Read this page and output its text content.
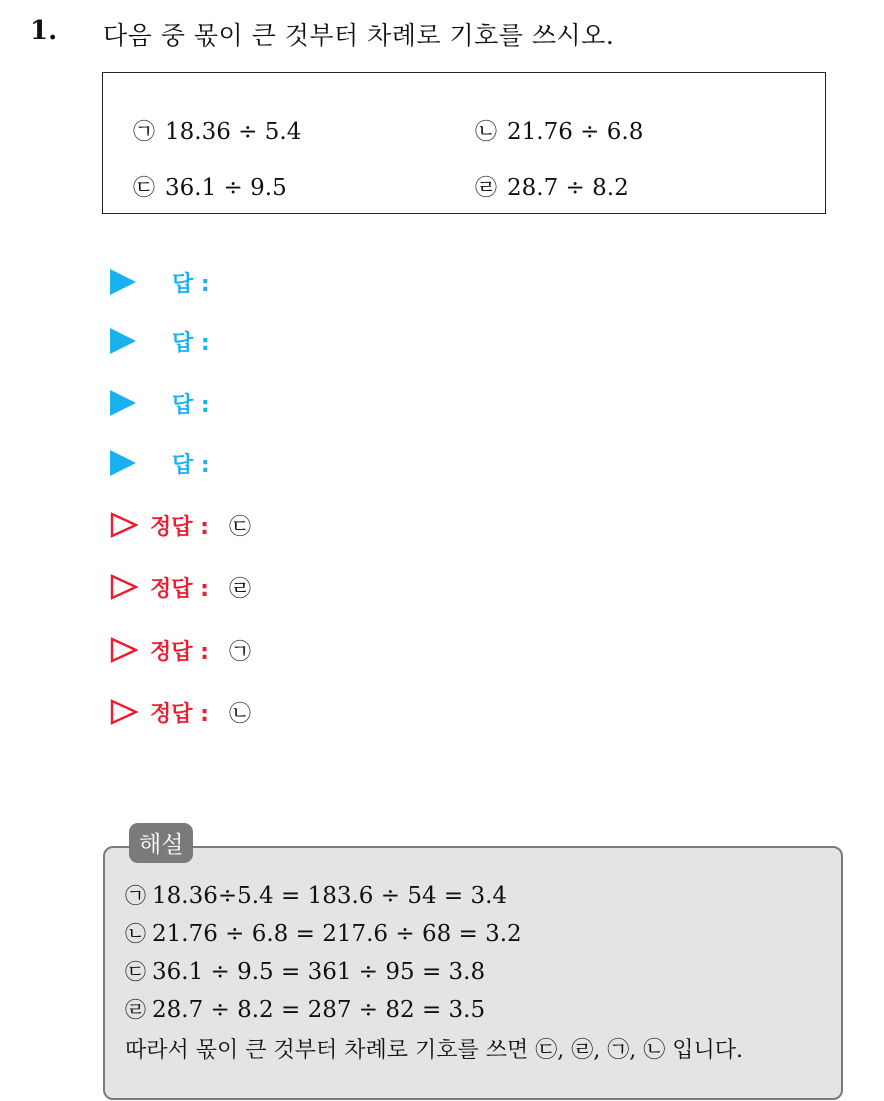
1. 다음 중 몫이 큰 것부터 차례로 기호를 쓰시오.
㉠ 18.36 ÷ 5.4	㉡ 21.76 ÷ 6.8
㉢ 36.1 ÷ 9.5	㉣ 28.7 ÷ 8.2
답 :
답 :
답 :
답 :
정답 : ㉢
정답 : ㉣
정답 : ㉠
정답 : ㉡
해설
㉠ 18.36÷5.4 = 183.6 ÷ 54 = 3.4
㉡ 21.76 ÷ 6.8 = 217.6 ÷ 68 = 3.2
㉢ 36.1 ÷ 9.5 = 361 ÷ 95 = 3.8
㉣ 28.7 ÷ 8.2 = 287 ÷ 82 = 3.5
따라서 몫이 큰 것부터 차례로 기호를 쓰면 ㉢, ㉣, ㉠, ㉡ 입니다.
